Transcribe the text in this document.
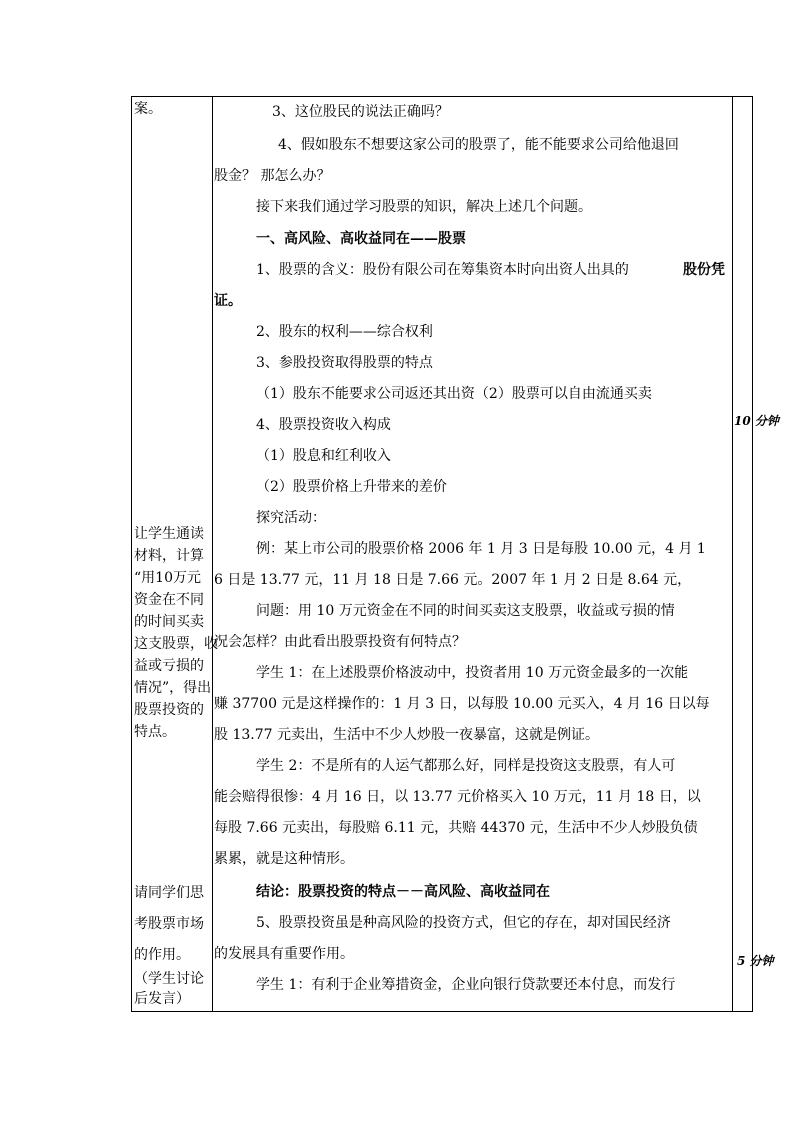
案。
让学生通读
材料，计算
“用10万元
资金在不同
的时间买卖
这支股票，收
益或亏损的
情况”，得出
股票投资的
特点。
请同学们思
考股票市场
的作用。
（学生讨论
后发言）
3、这位股民的说法正确吗？
4、假如股东不想要这家公司的股票了，能不能要求公司给他退回
股金？ 那怎么办？
接下来我们通过学习股票的知识，解决上述几个问题。
一、高风险、高收益同在——股票
1、股票的含义：股份有限公司在筹集资本时向出资人出具的	股份凭
证。
2、股东的权利——综合权利
3、参股投资取得股票的特点
（1）股东不能要求公司返还其出资（2）股票可以自由流通买卖
4、股票投资收入构成
（1）股息和红利收入
（2）股票价格上升带来的差价
探究活动：
例：某上市公司的股票价格 2006 年 1 月 3 日是每股 10.00 元，4 月 1
6 日是 13.77 元，11 月 18 日是 7.66 元。2007 年 1 月 2 日是 8.64 元，
问题：用 10 万元资金在不同的时间买卖这支股票，收益或亏损的情
况会怎样？由此看出股票投资有何特点？
学生 1：在上述股票价格波动中，投资者用 10 万元资金最多的一次能
赚 37700 元是这样操作的：1 月 3 日，以每股 10.00 元买入，4 月 16 日以每
股 13.77 元卖出，生活中不少人炒股一夜暴富，这就是例证。
学生 2：不是所有的人运气都那么好，同样是投资这支股票，有人可
能会赔得很惨：4 月 16 日，以 13.77 元价格买入 10 万元，11 月 18 日，以
每股 7.66 元卖出，每股赔 6.11 元，共赔 44370 元，生活中不少人炒股负债
累累，就是这种情形。
结论：股票投资的特点－－高风险、高收益同在
5、股票投资虽是种高风险的投资方式，但它的存在，却对国民经济
的发展具有重要作用。
学生 1：有利于企业筹措资金，企业向银行贷款要还本付息，而发行
10 分钟
5 分钟
